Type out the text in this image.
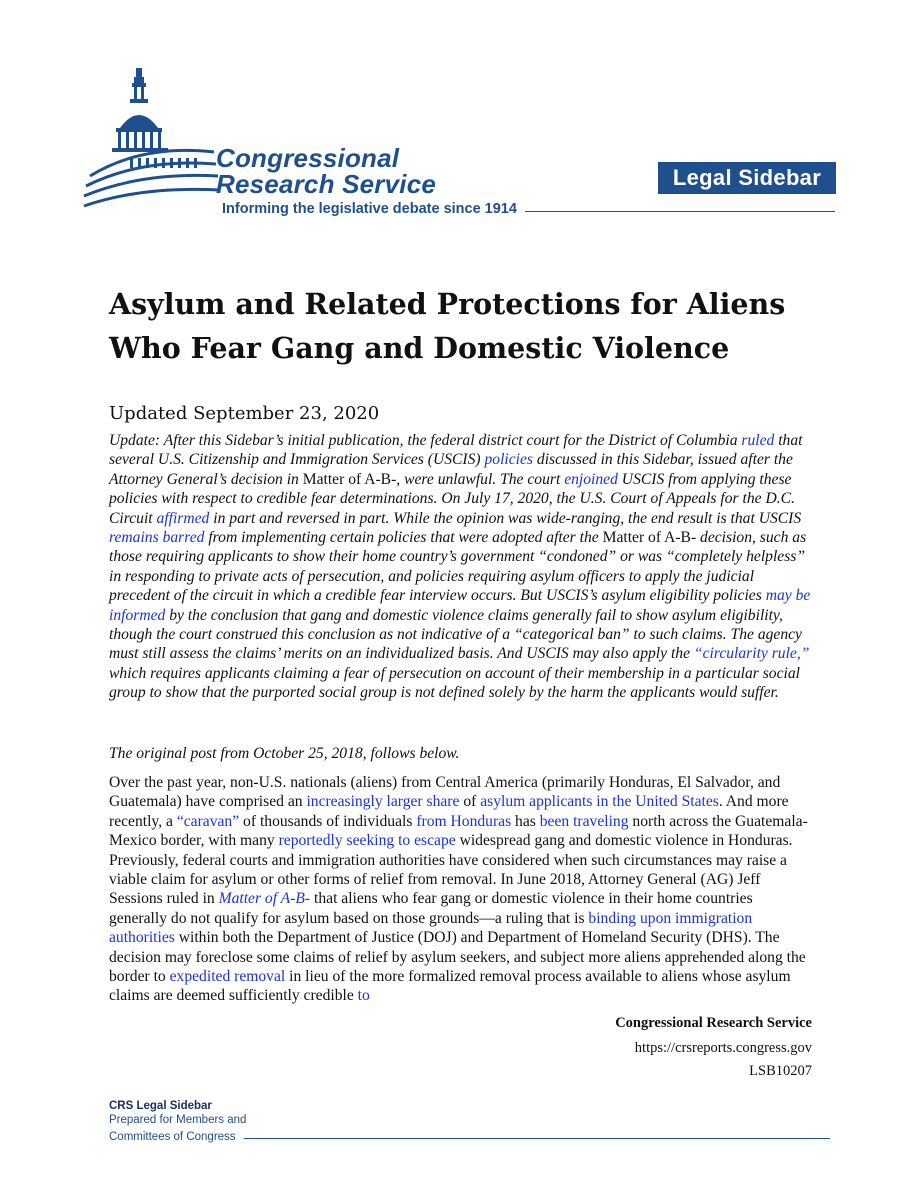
Congressional
Research Service
Informing the legislative debate since 1914
Legal Sidebar
Asylum and Related Protections for Aliens Who Fear Gang and Domestic Violence
Updated September 23, 2020
Update: After this Sidebar’s initial publication, the federal district court for the District of Columbia ruled that several U.S. Citizenship and Immigration Services (USCIS) policies discussed in this Sidebar, issued after the Attorney General’s decision in Matter of A-B-, were unlawful. The court enjoined USCIS from applying these policies with respect to credible fear determinations. On July 17, 2020, the U.S. Court of Appeals for the D.C. Circuit affirmed in part and reversed in part. While the opinion was wide-ranging, the end result is that USCIS remains barred from implementing certain policies that were adopted after the Matter of A-B- decision, such as those requiring applicants to show their home country’s government “condoned” or was “completely helpless” in responding to private acts of persecution, and policies requiring asylum officers to apply the judicial precedent of the circuit in which a credible fear interview occurs. But USCIS’s asylum eligibility policies may be informed by the conclusion that gang and domestic violence claims generally fail to show asylum eligibility, though the court construed this conclusion as not indicative of a “categorical ban” to such claims. The agency must still assess the claims’ merits on an individualized basis. And USCIS may also apply the “circularity rule,” which requires applicants claiming a fear of persecution on account of their membership in a particular social group to show that the purported social group is not defined solely by the harm the applicants would suffer.
The original post from October 25, 2018, follows below.
Over the past year, non-U.S. nationals (aliens) from Central America (primarily Honduras, El Salvador, and Guatemala) have comprised an increasingly larger share of asylum applicants in the United States. And more recently, a “caravan” of thousands of individuals from Honduras has been traveling north across the Guatemala-Mexico border, with many reportedly seeking to escape widespread gang and domestic violence in Honduras. Previously, federal courts and immigration authorities have considered when such circumstances may raise a viable claim for asylum or other forms of relief from removal. In June 2018, Attorney General (AG) Jeff Sessions ruled in Matter of A-B- that aliens who fear gang or domestic violence in their home countries generally do not qualify for asylum based on those grounds—a ruling that is binding upon immigration authorities within both the Department of Justice (DOJ) and Department of Homeland Security (DHS). The decision may foreclose some claims of relief by asylum seekers, and subject more aliens apprehended along the border to expedited removal in lieu of the more formalized removal process available to aliens whose asylum claims are deemed sufficiently credible to
Congressional Research Service
https://crsreports.congress.gov
LSB10207
CRS Legal Sidebar
Prepared for Members and
Committees of Congress
